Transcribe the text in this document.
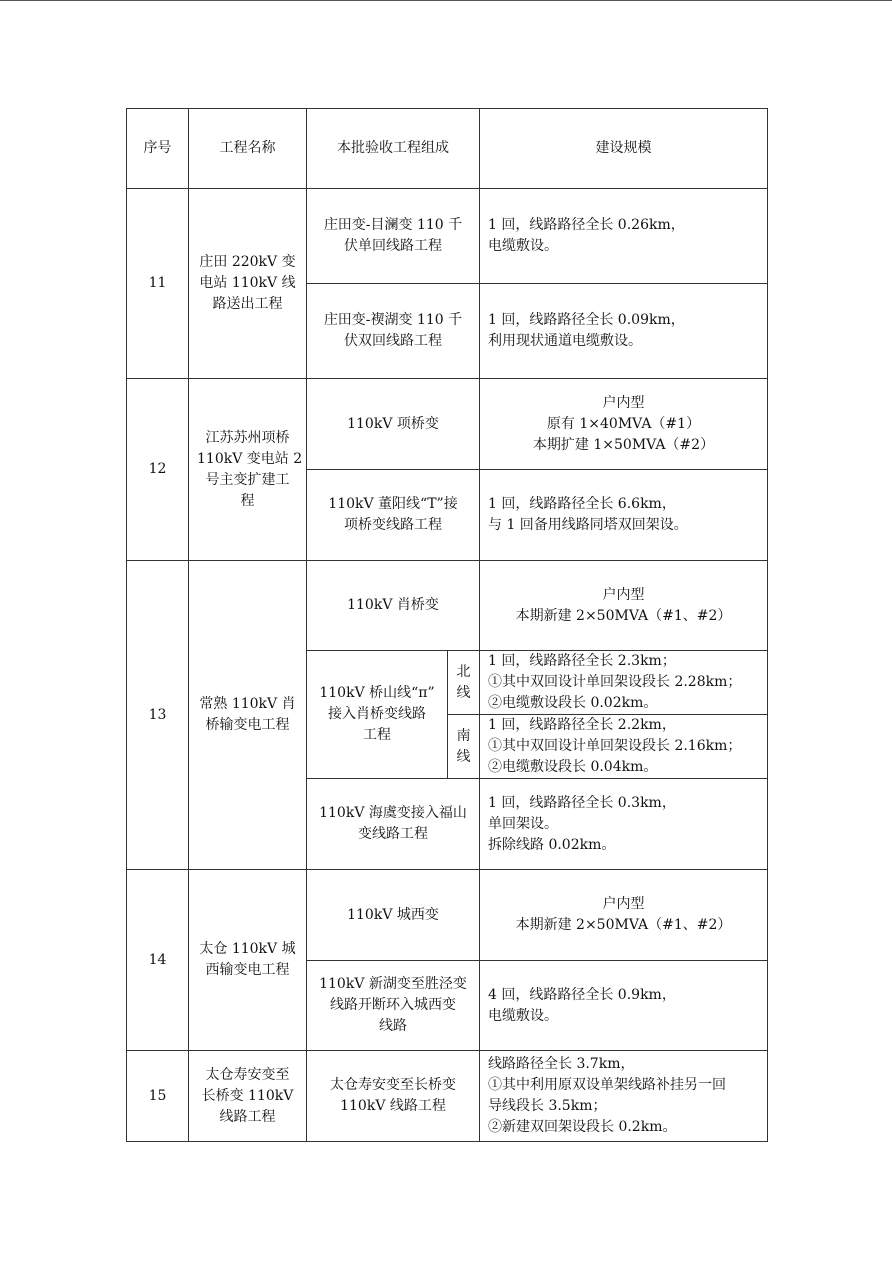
序号	工程名称	本批验收工程组成		建设规模
11	庄田 220kV 变
电站 110kV 线
路送出工程	庄田变-目澜变 110 千
伏单回线路工程		1 回，线路路径全长 0.26km，
电缆敷设。

		庄田变-褉湖变 110 千
伏双回线路工程		1 回，线路路径全长 0.09km，
利用现状通道电缆敷设。

12	江苏苏州项桥
110kV 变电站 2
号主变扩建工
程	110kV 项桥变		户内型
原有 1×40MVA（#1）
本期扩建 1×50MVA（#2）

		110kV 董阳线“T”接
项桥变线路工程		1 回，线路路径全长 6.6km，
与 1 回备用线路同塔双回架设。

13	常熟 110kV 肖
桥输变电工程	110kV 肖桥变		户内型
本期新建 2×50MVA（#1、#2）

		110kV 桥山线“π”
接入肖桥变线路
工程	北
线	1 回，线路路径全长 2.3km；
①其中双回设计单回架设段长 2.28km；
②电缆敷设段长 0.02km。

			南
线	1 回，线路路径全长 2.2km，
①其中双回设计单回架设段长 2.16km；
②电缆敷设段长 0.04km。

		110kV 海虞变接入福山
变线路工程		1 回，线路路径全长 0.3km，
单回架设。
拆除线路 0.02km。

14	太仓 110kV 城
西输变电工程	110kV 城西变		户内型
本期新建 2×50MVA（#1、#2）

		110kV 新湖变至胜泾变
线路开断环入城西变
线路		4 回，线路路径全长 0.9km，
电缆敷设。

15	太仓寿安变至
长桥变 110kV
线路工程	太仓寿安变至长桥变
110kV 线路工程		线路路径全长 3.7km，
①其中利用原双设单架线路补挂另一回
导线段长 3.5km；
②新建双回架设段长 0.2km。
